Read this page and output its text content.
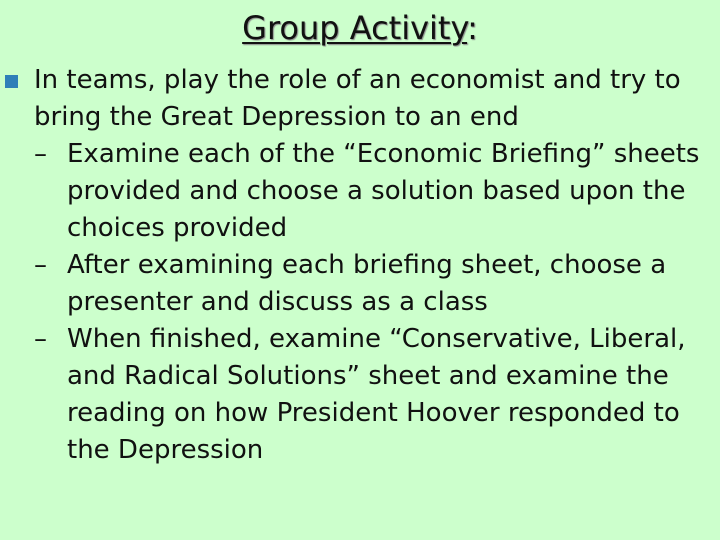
Group Activity:
In teams, play the role of an economist and try to bring the Great Depression to an end
– Examine each of the “Economic Briefing” sheets provided and choose a solution based upon the choices provided
– After examining each briefing sheet, choose a presenter and discuss as a class
– When finished, examine “Conservative, Liberal, and Radical Solutions” sheet and examine the reading on how President Hoover responded to the Depression
